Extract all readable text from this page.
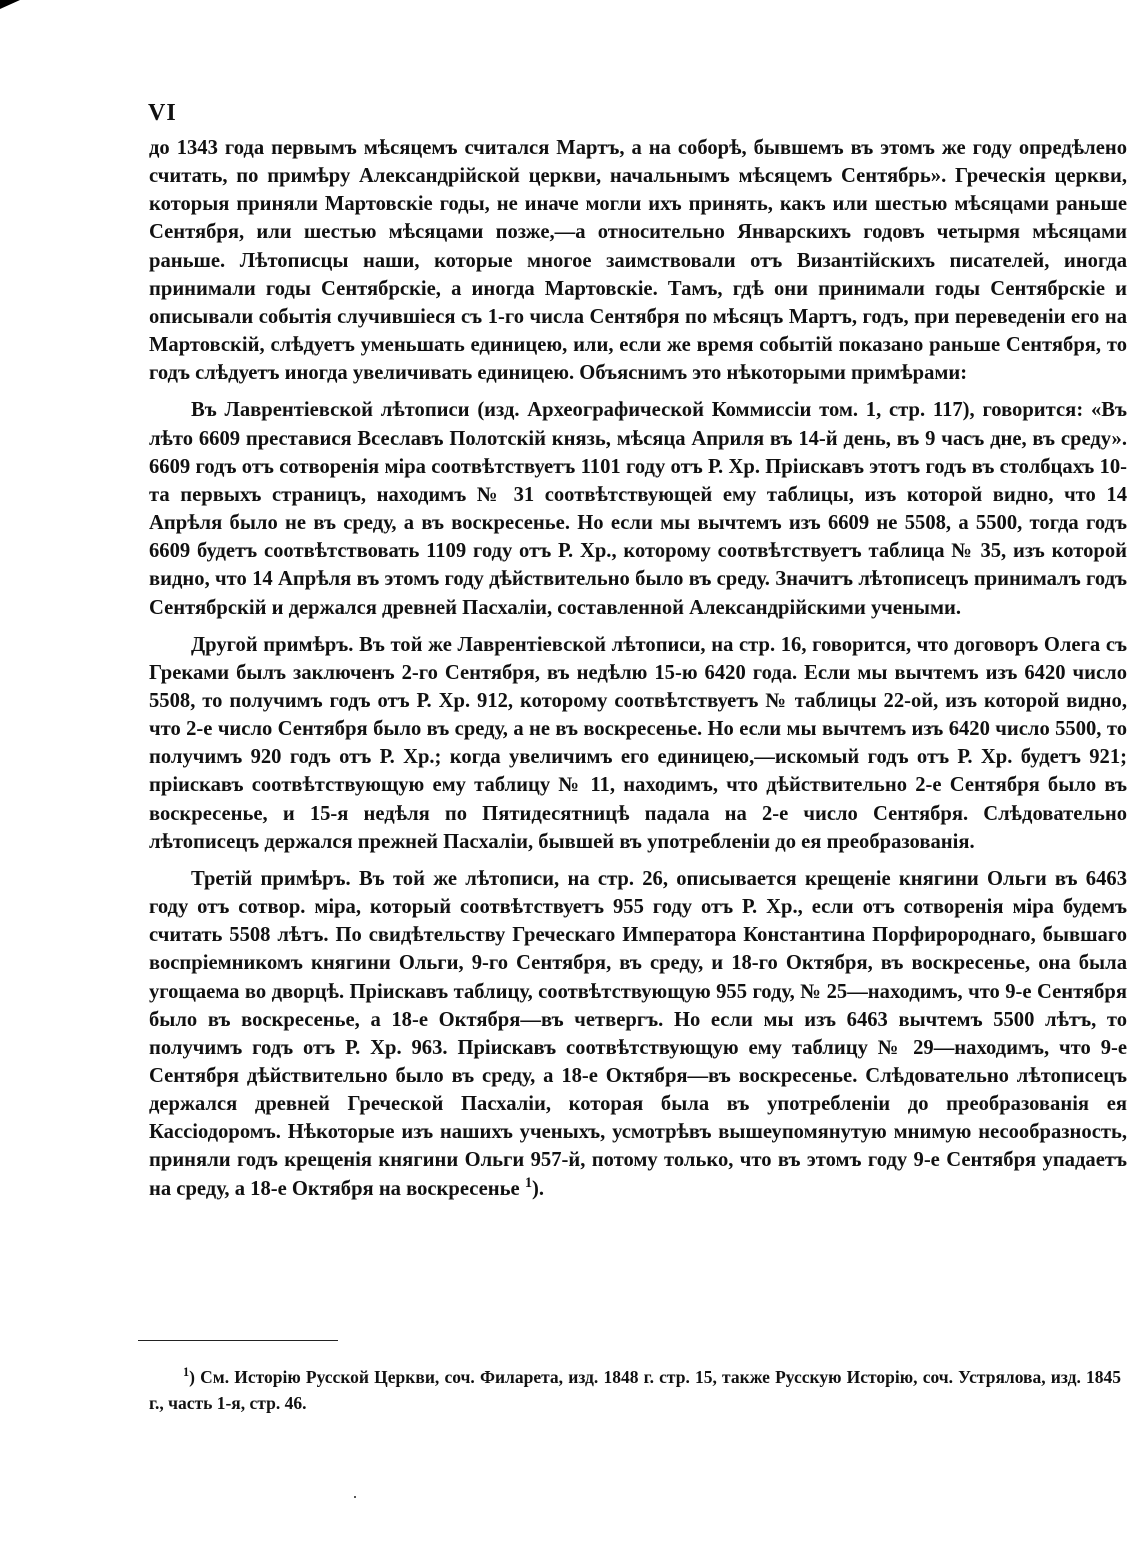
VI

до 1343 года первымъ мѣсяцемъ считался Мартъ, а на соборѣ, бывшемъ въ этомъ же году опредѣлено считать, по примѣру Александрійской церкви, начальнымъ мѣсяцемъ Сентябрь». Греческія церкви, которыя приняли Мартовскіе годы, не иначе могли ихъ принять, какъ или шестью мѣсяцами раньше Сентября, или шестью мѣсяцами позже,—а относительно Январскихъ годовъ четырмя мѣсяцами раньше. Лѣтописцы наши, которые многое заимствовали отъ Византійскихъ писателей, иногда принимали годы Сентябрскіе, а иногда Мартовскіе. Тамъ, гдѣ они принимали годы Сентябрскіе и описывали событія случившіеся съ 1-го числа Сентября по мѣсяцъ Мартъ, годъ, при переведеніи его на Мартовскій, слѣдуетъ уменьшать единицею, или, если же время событій показано раньше Сентября, то годъ слѣдуетъ иногда увеличивать единицею. Объяснимъ это нѣкоторыми примѣрами:

Въ Лаврентіевской лѣтописи (изд. Археографической Коммиссіи том. 1, стр. 117), говорится: «Въ лѣто 6609 преставися Всеславъ Полотскій князь, мѣсяца Априля въ 14-й день, въ 9 часъ дне, въ среду». 6609 годъ отъ сотворенія міра соотвѣтствуетъ 1101 году отъ Р. Хр. Пріискавъ этотъ годъ въ столбцахъ 10-та первыхъ страницъ, находимъ № 31 соотвѣтствующей ему таблицы, изъ которой видно, что 14 Апрѣля было не въ среду, а въ воскресенье. Но если мы вычтемъ изъ 6609 не 5508, а 5500, тогда годъ 6609 будетъ соотвѣтствовать 1109 году отъ Р. Хр., которому соотвѣтствуетъ таблица № 35, изъ которой видно, что 14 Апрѣля въ этомъ году дѣйствительно было въ среду. Значитъ лѣтописецъ принималъ годъ Сентябрскій и держался древней Пасхаліи, составленной Александрійскими учеными.

Другой примѣръ. Въ той же Лаврентіевской лѣтописи, на стр. 16, говорится, что договоръ Олега съ Греками былъ заключенъ 2-го Сентября, въ недѣлю 15-ю 6420 года. Если мы вычтемъ изъ 6420 число 5508, то получимъ годъ отъ Р. Хр. 912, которому соотвѣтствуетъ № таблицы 22-ой, изъ которой видно, что 2-е число Сентября было въ среду, а не въ воскресенье. Но если мы вычтемъ изъ 6420 число 5500, то получимъ 920 годъ отъ Р. Хр.; когда увеличимъ его единицею,—искомый годъ отъ Р. Хр. будетъ 921; пріискавъ соотвѣтствующую ему таблицу № 11, находимъ, что дѣйствительно 2-е Сентября было въ воскресенье, и 15-я недѣля по Пятидесятницѣ падала на 2-е число Сентября. Слѣдовательно лѣтописецъ держался прежней Пасхаліи, бывшей въ употребленіи до ея преобразованія.

Третій примѣръ. Въ той же лѣтописи, на стр. 26, описывается крещеніе княгини Ольги въ 6463 году отъ сотвор. міра, который соотвѣтствуетъ 955 году отъ Р. Хр., если отъ сотворенія міра будемъ считать 5508 лѣтъ. По свидѣтельству Греческаго Императора Константина Порфиророднаго, бывшаго воспріемникомъ княгини Ольги, 9-го Сентября, въ среду, и 18-го Октября, въ воскресенье, она была угощаема во дворцѣ. Пріискавъ таблицу, соотвѣтствующую 955 году, № 25—находимъ, что 9-е Сентября было въ воскресенье, а 18-е Октября—въ четвергъ. Но если мы изъ 6463 вычтемъ 5500 лѣтъ, то получимъ годъ отъ Р. Хр. 963. Пріискавъ соотвѣтствующую ему таблицу № 29—находимъ, что 9-е Сентября дѣйствительно было въ среду, а 18-е Октября—въ воскресенье. Слѣдовательно лѣтописецъ держался древней Греческой Пасхаліи, которая была въ употребленіи до преобразованія ея Кассіодоромъ. Нѣкоторые изъ нашихъ ученыхъ, усмотрѣвъ вышеупомянутую мнимую несообразность, приняли годъ крещенія княгини Ольги 957-й, потому только, что въ этомъ году 9-е Сентября упадаетъ на среду, а 18-е Октября на воскресенье $^1$).

$^1$) См. Исторію Русской Церкви, соч. Филарета, изд. 1848 г. стр. 15, также Русскую Исторію, соч. Устрялова, изд. 1845 г., часть 1-я, стр. 46.
